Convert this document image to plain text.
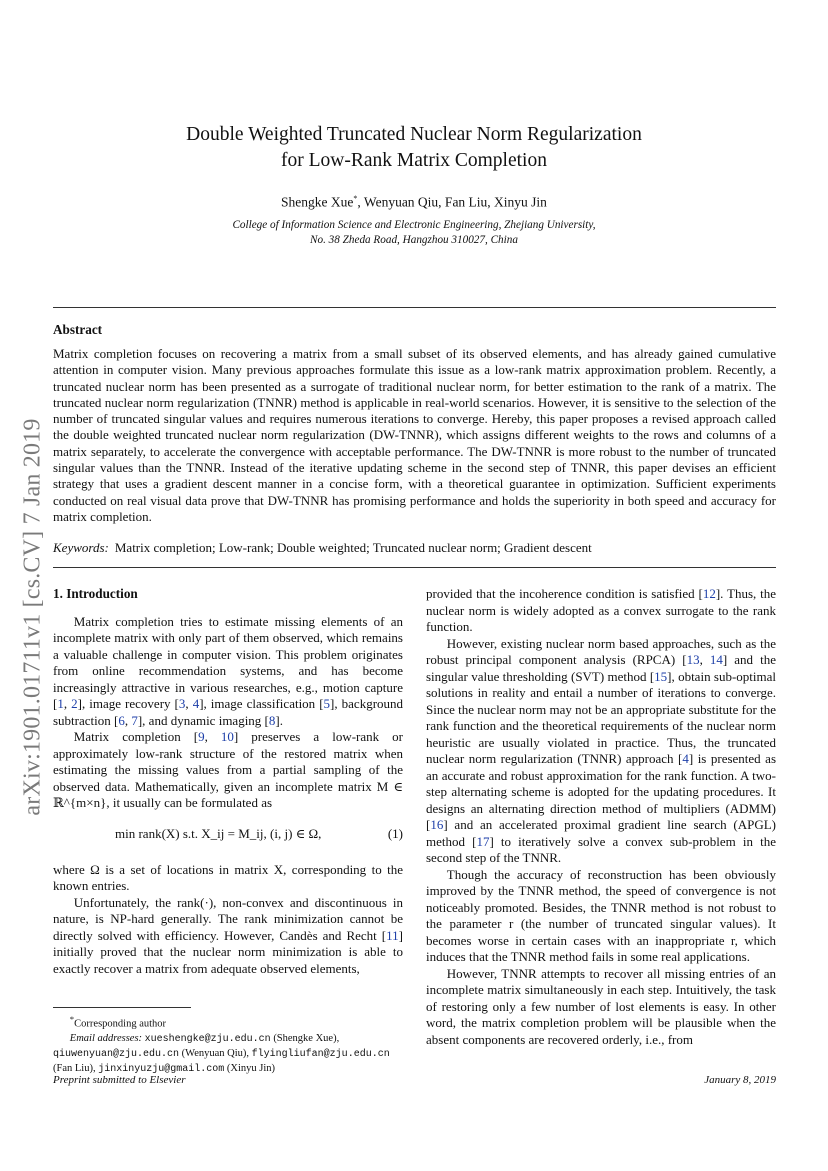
arXiv:1901.01711v1 [cs.CV] 7 Jan 2019
Double Weighted Truncated Nuclear Norm Regularization
for Low-Rank Matrix Completion
Shengke Xue*, Wenyuan Qiu, Fan Liu, Xinyu Jin
College of Information Science and Electronic Engineering, Zhejiang University,
No. 38 Zheda Road, Hangzhou 310027, China
Abstract
Matrix completion focuses on recovering a matrix from a small subset of its observed elements, and has already gained cumulative attention in computer vision. Many previous approaches formulate this issue as a low-rank matrix approximation problem. Recently, a truncated nuclear norm has been presented as a surrogate of traditional nuclear norm, for better estimation to the rank of a matrix. The truncated nuclear norm regularization (TNNR) method is applicable in real-world scenarios. However, it is sensitive to the selection of the number of truncated singular values and requires numerous iterations to converge. Hereby, this paper proposes a revised approach called the double weighted truncated nuclear norm regularization (DW-TNNR), which assigns different weights to the rows and columns of a matrix separately, to accelerate the convergence with acceptable performance. The DW-TNNR is more robust to the number of truncated singular values than the TNNR. Instead of the iterative updating scheme in the second step of TNNR, this paper devises an efficient strategy that uses a gradient descent manner in a concise form, with a theoretical guarantee in optimization. Sufficient experiments conducted on real visual data prove that DW-TNNR has promising performance and holds the superiority in both speed and accuracy for matrix completion.
Keywords: Matrix completion; Low-rank; Double weighted; Truncated nuclear norm; Gradient descent
1. Introduction

Matrix completion tries to estimate missing elements of an incomplete matrix with only part of them observed, which remains a valuable challenge in computer vision. This problem originates from online recommendation systems, and has become increasingly attractive in various researches, e.g., motion capture [1, 2], image recovery [3, 4], image classification [5], background subtraction [6, 7], and dynamic imaging [8].

Matrix completion [9, 10] preserves a low-rank or approximately low-rank structure of the restored matrix when estimating the missing values from a partial sampling of the observed data. Mathematically, given an incomplete matrix M ∈ ℝ^{m×n}, it usually can be formulated as

min rank(X) s.t. X_ij = M_ij, (i, j) ∈ Ω,	(1)

where Ω is a set of locations in matrix X, corresponding to the known entries.

Unfortunately, the rank(·), non-convex and discontinuous in nature, is NP-hard generally. The rank minimization cannot be directly solved with efficiency. However, Candès and Recht [11] initially proved that the nuclear norm minimization is able to exactly recover a matrix from adequate observed elements,

provided that the incoherence condition is satisfied [12]. Thus, the nuclear norm is widely adopted as a convex surrogate to the rank function.

However, existing nuclear norm based approaches, such as the robust principal component analysis (RPCA) [13, 14] and the singular value thresholding (SVT) method [15], obtain sub-optimal solutions in reality and entail a number of iterations to converge. Since the nuclear norm may not be an appropriate substitute for the rank function and the theoretical requirements of the nuclear norm heuristic are usually violated in practice. Thus, the truncated nuclear norm regularization (TNNR) approach [4] is presented as an accurate and robust approximation for the rank function. A two-step alternating scheme is adopted for the updating procedures. It designs an alternating direction method of multipliers (ADMM) [16] and an accelerated proximal gradient line search (APGL) method [17] to iteratively solve a convex sub-problem in the second step of the TNNR.

Though the accuracy of reconstruction has been obviously improved by the TNNR method, the speed of convergence is not noticeably promoted. Besides, the TNNR method is not robust to the parameter r (the number of truncated singular values). It becomes worse in certain cases with an inappropriate r, which induces that the TNNR method fails in some real applications.

However, TNNR attempts to recover all missing entries of an incomplete matrix simultaneously in each step. Intuitively, the task of restoring only a few number of lost elements is easy. In other word, the matrix completion problem will be plausible when the absent components are recovered orderly, i.e., from

*Corresponding author

Email addresses: xueshengke@zju.edu.cn (Shengke Xue), qiuwenyuan@zju.edu.cn (Wenyuan Qiu), flyingliufan@zju.edu.cn (Fan Liu), jinxinyuzju@gmail.com (Xinyu Jin)

Preprint submitted to Elsevier	January 8, 2019
